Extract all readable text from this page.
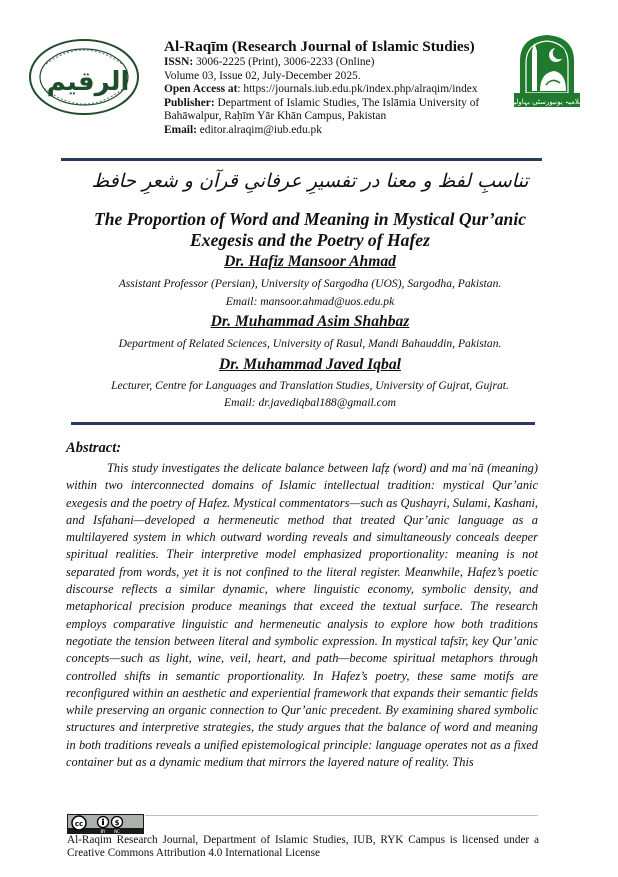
الرقیم
Al-Raqīm (Research Journal of Islamic Studies)
ISSN: 3006-2225 (Print), 3006-2233 (Online)
Volume 03, Issue 02, July-December 2025.
Open Access at: https://journals.iub.edu.pk/index.php/alraqim/index
Publisher: Department of Islamic Studies, The Islāmia University of Bahāwalpur, Raḥīm Yār Khān Campus, Pakistan
Email: editor.alraqim@iub.edu.pk
اسلامیہ یونیورسٹی بہاولپور
تناسبِ لفظ و معنا در تفسیرِ عرفانیِ قرآن و شعرِ حافظ
The Proportion of Word and Meaning in Mystical Qur’anic
Exegesis and the Poetry of Hafez
Dr. Hafiz Mansoor Ahmad
Assistant Professor (Persian), University of Sargodha (UOS), Sargodha, Pakistan.
Email: mansoor.ahmad@uos.edu.pk
Dr. Muhammad Asim Shahbaz
Department of Related Sciences, University of Rasul, Mandi Bahauddin, Pakistan.
Dr. Muhammad Javed Iqbal
Lecturer, Centre for Languages and Translation Studies, University of Gujrat, Gujrat.
Email: dr.javediqbal188@gmail.com
Abstract:
This study investigates the delicate balance between lafẓ (word) and maʿnā (meaning) within two interconnected domains of Islamic intellectual tradition: mystical Qur’anic exegesis and the poetry of Hafez. Mystical commentators—such as Qushayri, Sulami, Kashani, and Isfahani—developed a hermeneutic method that treated Qur’anic language as a multilayered system in which outward wording reveals and simultaneously conceals deeper spiritual realities. Their interpretive model emphasized proportionality: meaning is not separated from words, yet it is not confined to the literal register. Meanwhile, Hafez’s poetic discourse reflects a similar dynamic, where linguistic economy, symbolic density, and metaphorical precision produce meanings that exceed the textual surface. The research employs comparative linguistic and hermeneutic analysis to explore how both traditions negotiate the tension between literal and symbolic expression. In mystical tafsīr, key Qur’anic concepts—such as light, wine, veil, heart, and path—become spiritual metaphors through controlled shifts in semantic proportionality. In Hafez’s poetry, these same motifs are reconfigured within an aesthetic and experiential framework that expands their semantic fields while preserving an organic connection to Qur’anic precedent. By examining shared symbolic structures and interpretive strategies, the study argues that the balance of word and meaning in both traditions reveals a unified epistemological principle: language operates not as a fixed container but as a dynamic medium that mirrors the layered nature of reality. This
cc	$
BY NC
Al-Raqim Research Journal, Department of Islamic Studies, IUB, RYK Campus is licensed under a Creative Commons Attribution 4.0 International License
